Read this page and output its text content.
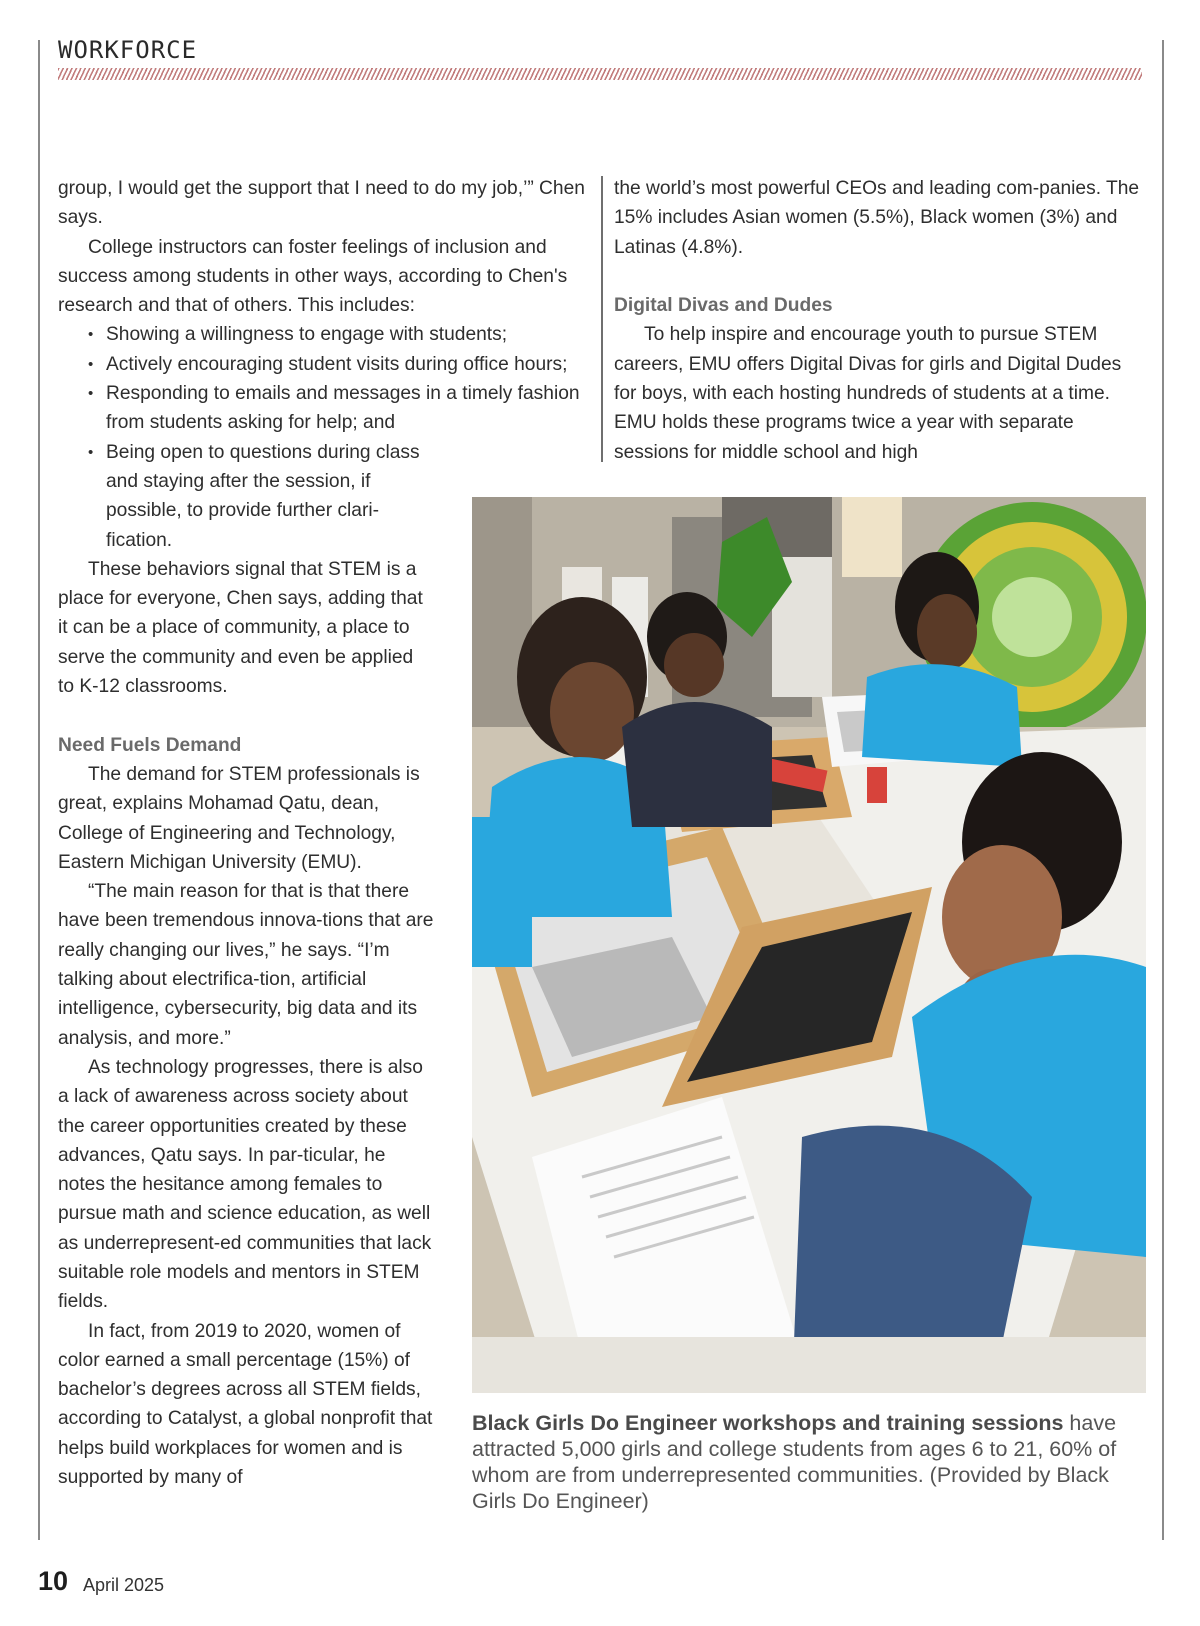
WORKFORCE

group, I would get the support that I need to do my job,’” Chen says.

College instructors can foster feelings of inclusion and success among students in other ways, according to Chen's research and that of others. This includes:

• Showing a willingness to engage with students;
• Actively encouraging student visits during office hours;
• Responding to emails and messages in a timely fashion from students asking for help; and
• Being open to questions during class and staying after the session, if possible, to provide further clari-fication.

These behaviors signal that STEM is a place for everyone, Chen says, adding that it can be a place of community, a place to serve the community and even be applied to K-12 classrooms.

Need Fuels Demand

The demand for STEM professionals is great, explains Mohamad Qatu, dean, College of Engineering and Technology, Eastern Michigan University (EMU).

“The main reason for that is that there have been tremendous innova-tions that are really changing our lives,” he says. “I’m talking about electrifica-tion, artificial intelligence, cybersecurity, big data and its analysis, and more.”

As technology progresses, there is also a lack of awareness across society about the career opportunities created by these advances, Qatu says. In par-ticular, he notes the hesitance among females to pursue math and science education, as well as underrepresent-ed communities that lack suitable role models and mentors in STEM fields.

In fact, from 2019 to 2020, women of color earned a small percentage (15%) of bachelor’s degrees across all STEM fields, according to Catalyst, a global nonprofit that helps build workplaces for women and is supported by many of

the world’s most powerful CEOs and leading com-panies. The 15% includes Asian women (5.5%), Black women (3%) and Latinas (4.8%).

Digital Divas and Dudes

To help inspire and encourage youth to pursue STEM careers, EMU offers Digital Divas for girls and Digital Dudes for boys, with each hosting hundreds of students at a time. EMU holds these programs twice a year with separate sessions for middle school and high

Black Girls Do Engineer workshops and training sessions have attracted 5,000 girls and college students from ages 6 to 21, 60% of whom are from underrepresented communities. (Provided by Black Girls Do Engineer)
10 April 2025
